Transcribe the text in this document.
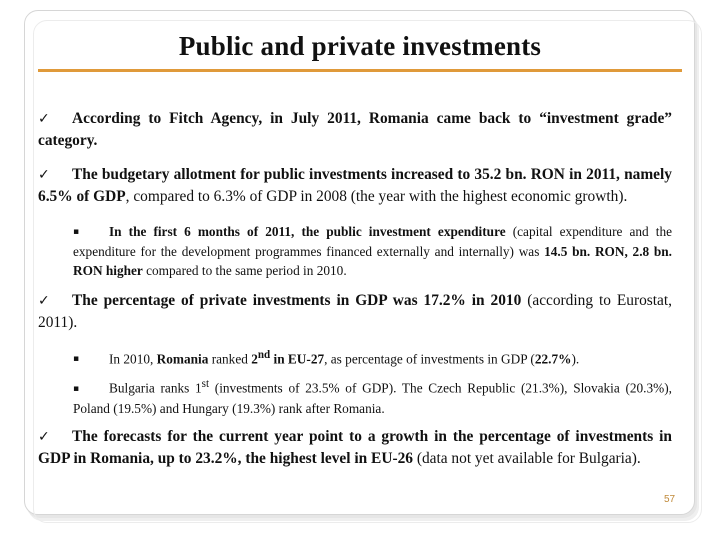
Public and private investments

✓ According to Fitch Agency, in July 2011, Romania came back to “investment grade” category.

✓ The budgetary allotment for public investments increased to 35.2 bn. RON in 2011, namely 6.5% of GDP, compared to 6.3% of GDP in 2008 (the year with the highest economic growth).

▪ In the first 6 months of 2011, the public investment expenditure (capital expenditure and the expenditure for the development programmes financed externally and internally) was 14.5 bn. RON, 2.8 bn. RON higher compared to the same period in 2010.

✓ The percentage of private investments in GDP was 17.2% in 2010 (according to Eurostat, 2011).

▪ In 2010, Romania ranked 2nd in EU-27, as percentage of investments in GDP (22.7%).

▪ Bulgaria ranks 1st (investments of 23.5% of GDP). The Czech Republic (21.3%), Slovakia (20.3%), Poland (19.5%) and Hungary (19.3%) rank after Romania.

✓ The forecasts for the current year point to a growth in the percentage of investments in GDP in Romania, up to 23.2%, the highest level in EU-26 (data not yet available for Bulgaria).

57
